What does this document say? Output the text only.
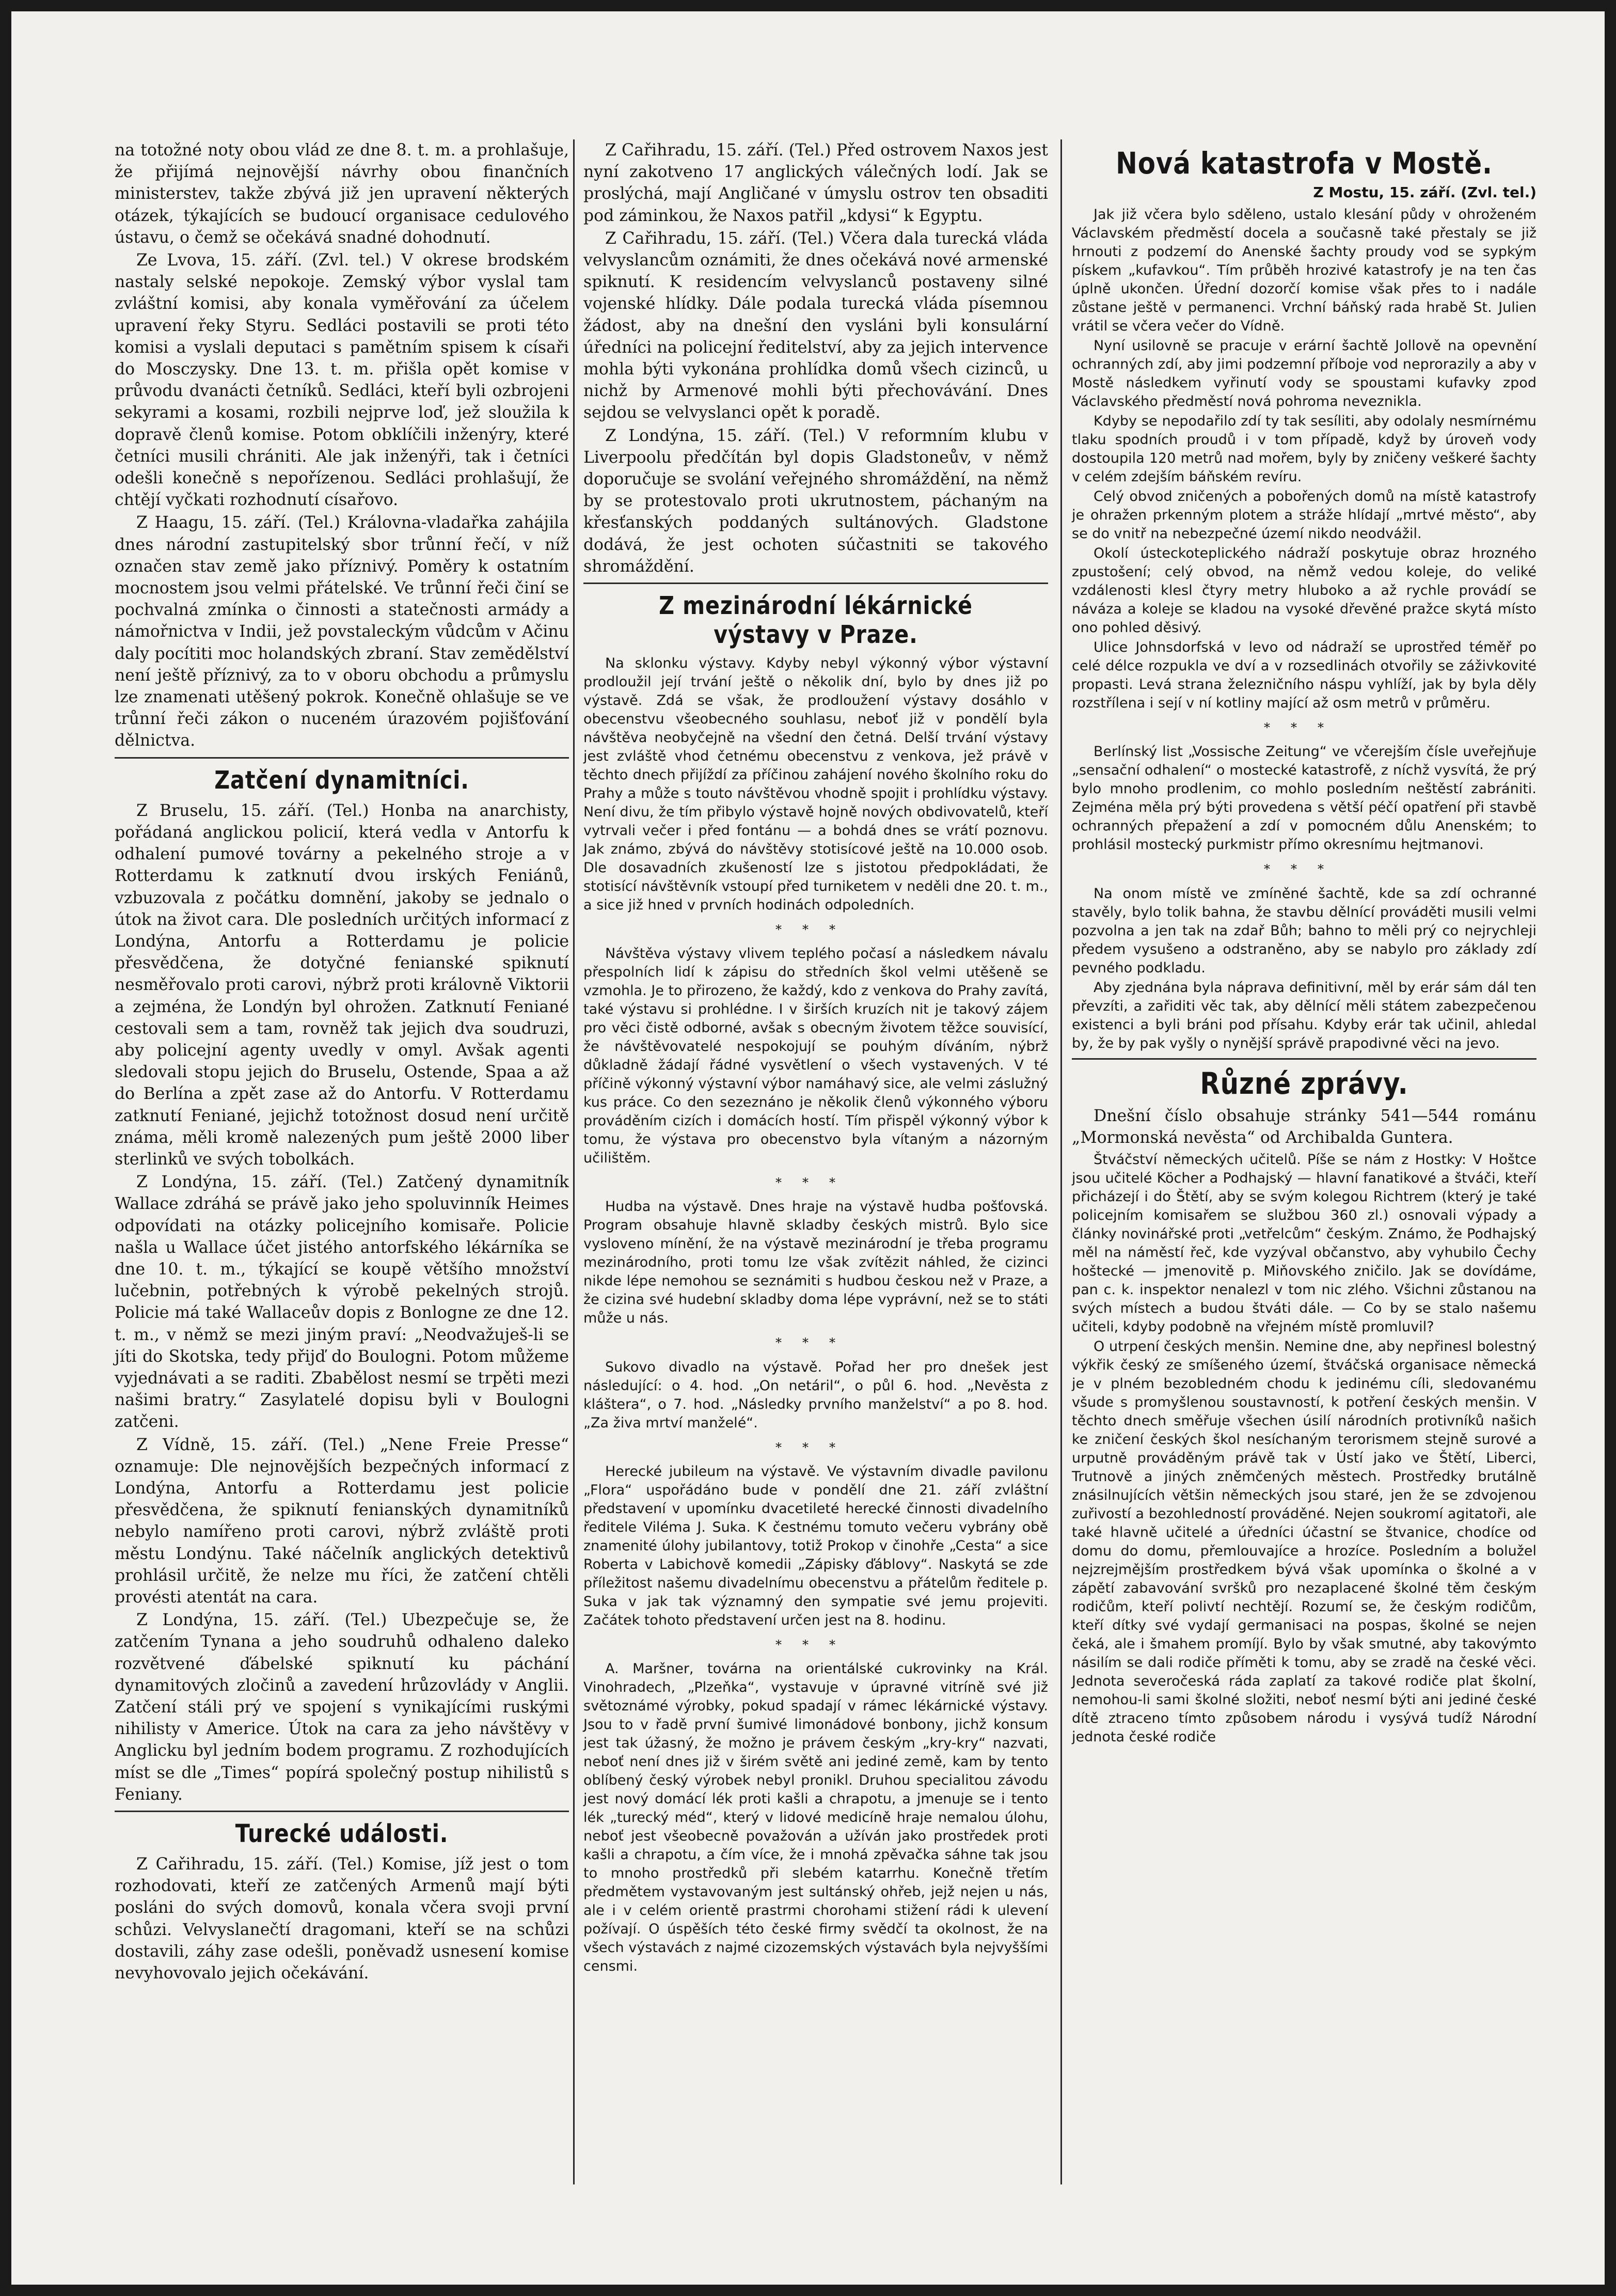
na totožné noty obou vlád ze dne 8. t. m. a prohlašuje, že přijímá nejnovější návrhy obou finančních ministerstev, takže zbývá již jen upravení některých otázek, týkajících se budoucí organisace cedulového ústavu, o čemž se očekává snadné dohodnutí.

Ze Lvova, 15. září. (Zvl. tel.) V okrese brodském nastaly selské nepokoje. Zemský výbor vyslal tam zvláštní komisi, aby konala vyměřování za účelem upravení řeky Styru. Sedláci postavili se proti této komisi a vyslali deputaci s pamětním spisem k císaři do Mosczysky. Dne 13. t. m. přišla opět komise v průvodu dvanácti četníků. Sedláci, kteří byli ozbrojeni sekyrami a kosami, rozbili nejprve loď, jež sloužila k dopravě členů komise. Potom obklíčili inženýry, které četníci musili chrániti. Ale jak inženýři, tak i četníci odešli konečně s nepořízenou. Sedláci prohlašují, že chtějí vyčkati rozhodnutí císařovo.

Z Haagu, 15. září. (Tel.) Královna-vladařka zahájila dnes národní zastupitelský sbor trůnní řečí, v níž označen stav země jako příznivý. Poměry k ostatním mocnostem jsou velmi přátelské. Ve trůnní řeči činí se pochvalná zmínka o činnosti a statečnosti armády a námořnictva v Indii, jež povstaleckým vůdcům v Ačinu daly pocítiti moc holandských zbraní. Stav zemědělství není ještě příznivý, za to v oboru obchodu a průmyslu lze znamenati utěšený pokrok. Konečně ohlašuje se ve trůnní řeči zákon o nuceném úrazovém pojišťování dělnictva.

Zatčení dynamitníci.

Z Bruselu, 15. září. (Tel.) Honba na anarchisty, pořádaná anglickou policií, která vedla v Antorfu k odhalení pumové továrny a pekelného stroje a v Rotterdamu k zatknutí dvou irských Feniánů, vzbuzovala z počátku domnění, jakoby se jednalo o útok na život cara. Dle posledních určitých informací z Londýna, Antorfu a Rotterdamu je policie přesvědčena, že dotyčné fenianské spiknutí nesměřovalo proti carovi, nýbrž proti královně Viktorii a zejména, že Londýn byl ohrožen. Zatknutí Feniané cestovali sem a tam, rovněž tak jejich dva soudruzi, aby policejní agenty uvedly v omyl. Avšak agenti sledovali stopu jejich do Bruselu, Ostende, Spaa a až do Berlína a zpět zase až do Antorfu. V Rotterdamu zatknutí Feniané, jejichž totožnost dosud není určitě známa, měli kromě nalezených pum ještě 2000 liber sterlinků ve svých tobolkách.

Z Londýna, 15. září. (Tel.) Zatčený dynamitník Wallace zdráhá se právě jako jeho spoluvinník Heimes odpovídati na otázky policejního komisaře. Policie našla u Wallace účet jistého antorfského lékárníka se dne 10. t. m., týkající se koupě většího množství lučebnin, potřebných k výrobě pekelných strojů. Policie má také Wallaceův dopis z Bonlogne ze dne 12. t. m., v němž se mezi jiným praví: „Neodvažuješ-li se jíti do Skotska, tedy přijď do Boulogni. Potom můžeme vyjednávati a se raditi. Zbabělost nesmí se trpěti mezi našimi bratry.“ Zasylatelé dopisu byli v Boulogni zatčeni.

Z Vídně, 15. září. (Tel.) „Nene Freie Presse“ oznamuje: Dle nejnovějších bezpečných informací z Londýna, Antorfu a Rotterdamu jest policie přesvědčena, že spiknutí fenianských dynamitníků nebylo namířeno proti carovi, nýbrž zvláště proti městu Londýnu. Také náčelník anglických detektivů prohlásil určitě, že nelze mu říci, že zatčení chtěli provésti atentát na cara.

Z Londýna, 15. září. (Tel.) Ubezpečuje se, že zatčením Tynana a jeho soudruhů odhaleno daleko rozvětvené ďábelské spiknutí ku páchání dynamitových zločinů a zavedení hrůzovlády v Anglii. Zatčení stáli prý ve spojení s vynikajícími ruskými nihilisty v Americe. Útok na cara za jeho návštěvy v Anglicku byl jedním bodem programu. Z rozhodujících míst se dle „Times“ popírá společný postup nihilistů s Feniany.

Turecké události.

Z Cařihradu, 15. září. (Tel.) Komise, jíž jest o tom rozhodovati, kteří ze zatčených Armenů mají býti posláni do svých domovů, konala včera svoji první schůzi. Velvyslanečtí dragomani, kteří se na schůzi dostavili, záhy zase odešli, poněvadž usnesení komise nevyhovovalo jejich očekávání.

Z Cařihradu, 15. září. (Tel.) Před ostrovem Naxos jest nyní zakotveno 17 anglických válečných lodí. Jak se proslýchá, mají Angličané v úmyslu ostrov ten obsaditi pod záminkou, že Naxos patřil „kdysi“ k Egyptu.

Z Cařihradu, 15. září. (Tel.) Včera dala turecká vláda velvyslancům oznámiti, že dnes očekává nové armenské spiknutí. K residencím velvyslanců postaveny silné vojenské hlídky. Dále podala turecká vláda písemnou žádost, aby na dnešní den vysláni byli konsulární úředníci na policejní ředitelství, aby za jejich intervence mohla býti vykonána prohlídka domů všech cizinců, u nichž by Armenové mohli býti přechovávání. Dnes sejdou se velvyslanci opět k poradě.

Z Londýna, 15. září. (Tel.) V reformním klubu v Liverpoolu předčítán byl dopis Gladstoneův, v němž doporučuje se svolání veřejného shromáždění, na němž by se protestovalo proti ukrutnostem, páchaným na křesťanských poddaných sultánových. Gladstone dodává, že jest ochoten súčastniti se takového shromáždění.

Z mezinárodní lékárnické výstavy v Praze.

Na sklonku výstavy. Kdyby nebyl výkonný výbor výstavní prodloužil její trvání ještě o několik dní, bylo by dnes již po výstavě. Zdá se však, že prodloužení výstavy dosáhlo v obecenstvu všeobecného souhlasu, neboť již v pondělí byla návštěva neobyčejně na všední den četná. Delší trvání výstavy jest zvláště vhod četnému obecenstvu z venkova, jež právě v těchto dnech přijíždí za příčinou zahájení nového školního roku do Prahy a může s touto návštěvou vhodně spojit i prohlídku výstavy. Není divu, že tím přibylo výstavě hojně nových obdivovatelů, kteří vytrvali večer i před fontánu — a bohdá dnes se vrátí poznovu. Jak známo, zbývá do návštěvy stotisícové ještě na 10.000 osob. Dle dosavadních zkušeností lze s jistotou předpokládati, že stotisící návštěvník vstoupí před turniketem v neděli dne 20. t. m., a sice již hned v prvních hodinách odpoledních.

***

Návštěva výstavy vlivem teplého počasí a následkem návalu přespolních lidí k zápisu do středních škol velmi utěšeně se vzmohla. Je to přirozeno, že každý, kdo z venkova do Prahy zavítá, také výstavu si prohlédne. I v širších kruzích nit je takový zájem pro věci čistě odborné, avšak s obecným životem těžce souvisící, že návštěvovatelé nespokojují se pouhým díváním, nýbrž důkladně žádají řádné vysvětlení o všech vystavených. V té příčině výkonný výstavní výbor namáhavý sice, ale velmi záslužný kus práce. Co den sezeznáno je několik členů výkonného výboru prováděním cizích i domácích hostí. Tím přispěl výkonný výbor k tomu, že výstava pro obecenstvo byla vítaným a názorným učilištěm.

***

Hudba na výstavě. Dnes hraje na výstavě hudba pošťovská. Program obsahuje hlavně skladby českých mistrů. Bylo sice vysloveno mínění, že na výstavě mezinárodní je třeba programu mezinárodního, proti tomu lze však zvítězit náhled, že cizinci nikde lépe nemohou se seznámiti s hudbou českou než v Praze, a že cizina své hudební skladby doma lépe vyprávní, než se to státi může u nás.

***

Sukovo divadlo na výstavě. Pořad her pro dnešek jest následující: o 4. hod. „On netáril“, o půl 6. hod. „Nevěsta z kláštera“, o 7. hod. „Následky prvního manželství“ a po 8. hod. „Za živa mrtví manželé“.

***

Herecké jubileum na výstavě. Ve výstavním divadle pavilonu „Flora“ uspořádáno bude v pondělí dne 21. září zvláštní představení v upomínku dvacetileté herecké činnosti divadelního ředitele Viléma J. Suka. K čestnému tomuto večeru vybrány obě znamenité úlohy jubilantovy, totiž Prokop v činohře „Cesta“ a sice Roberta v Labichově komedii „Zápisky ďáblovy“. Naskytá se zde příležitost našemu divadelnímu obecenstvu a přátelům ředitele p. Suka v jak tak významný den sympatie své jemu projeviti. Začátek tohoto představení určen jest na 8. hodinu.

***

A. Maršner, továrna na orientálské cukrovinky na Král. Vinohradech, „Plzeňka“, vystavuje v úpravné vitríně své již světoznámé výrobky, pokud spadají v rámec lékárnické výstavy. Jsou to v řadě první šumivé limonádové bonbony, jichž konsum jest tak úžasný, že možno je právem českým „kry-kry“ nazvati, neboť není dnes již v širém světě ani jediné země, kam by tento oblíbený český výrobek nebyl pronikl. Druhou specialitou závodu jest nový domácí lék proti kašli a chrapotu, a jmenuje se i tento lék „turecký méd“, který v lidové medicíně hraje nemalou úlohu, neboť jest všeobecně považován a užíván jako prostředek proti kašli a chrapotu, a čím více, že i mnohá zpěvačka sáhne tak jsou to mnoho prostředků při slebém katarrhu. Konečně třetím předmětem vystavovaným jest sultánský ohřeb, jejž nejen u nás, ale i v celém orientě prastrmi chorohami stižení rádi k ulevení požívají. O úspěších této české firmy svědčí ta okolnost, že na všech výstavách z najmé cizozemských výstavách byla nejvyššími censmi.

Nová katastrofa v Mostě.
Z Mostu, 15. září. (Zvl. tel.)

Jak již včera bylo sděleno, ustalo klesání půdy v ohroženém Václavském předměstí docela a současně také přestaly se již hrnouti z podzemí do Anenské šachty proudy vod se sypkým pískem „kufavkou“. Tím průběh hrozivé katastrofy je na ten čas úplně ukončen. Úřední dozorčí komise však přes to i nadále zůstane ještě v permanenci. Vrchní báňský rada hrabě St. Julien vrátil se včera večer do Vídně.

Nyní usilovně se pracuje v erární šachtě Jollově na opevnění ochranných zdí, aby jimi podzemní příboje vod neprorazily a aby v Mostě následkem vyřinutí vody se spoustami kufavky zpod Václavského předměstí nová pohroma neveznikla.

Kdyby se nepodařilo zdí ty tak sesíliti, aby odolaly nesmírnému tlaku spodních proudů i v tom případě, když by úroveň vody dostoupila 120 metrů nad mořem, byly by zničeny veškeré šachty v celém zdejším báňském revíru.

Celý obvod zničených a pobořených domů na místě katastrofy je ohražen prkenným plotem a stráže hlídají „mrtvé město“, aby se do vnitř na nebezpečné území nikdo neodvážil.

Okolí ústeckoteplického nádraží poskytuje obraz hrozného zpustošení; celý obvod, na němž vedou koleje, do veliké vzdálenosti klesl čtyry metry hluboko a až rychle provádí se náváza a koleje se kladou na vysoké dřevěné pražce skytá místo ono pohled děsivý.

Ulice Johnsdorfská v levo od nádraží se uprostřed téměř po celé délce rozpukla ve dví a v rozsedlinách otvořily se záživkovité propasti. Levá strana železničního náspu vyhlíží, jak by byla děly rozstřílena i sejí v ní kotliny mající až osm metrů v průměru.

***

Berlínský list „Vossische Zeitung“ ve včerejším čísle uveřejňuje „sensační odhalení“ o mostecké katastrofě, z níchž vysvítá, že prý bylo mnoho prodlenim, co mohlo posledním neštěstí zabrániti. Zejména měla prý býti provedena s větší péčí opatření při stavbě ochranných přepažení a zdí v pomocném důlu Anenském; to prohlásil mostecký purkmistr přímo okresnímu hejtmanovi.

***

Na onom místě ve zmíněné šachtě, kde sa zdí ochranné stavěly, bylo tolik bahna, že stavbu dělnící prováděti musili velmi pozvolna a jen tak na zdař Bůh; bahno to měli prý co nejrychleji předem vysušeno a odstraněno, aby se nabylo pro základy zdí pevného podkladu.

Aby zjednána byla náprava definitivní, měl by erár sám dál ten převzíti, a zařiditi věc tak, aby dělnící měli státem zabezpečenou existenci a byli bráni pod přísahu. Kdyby erár tak učinil, ahledal by, že by pak vyšly o nynější správě prapodivné věci na jevo.

Různé zprávy.

Dnešní číslo obsahuje stránky 541—544 románu „Mormonská nevěsta“ od Archibalda Guntera.

Štváčství německých učitelů. Píše se nám z Hostky: V Hoštce jsou učitelé Köcher a Podhajský — hlavní fanatikové a štváči, kteří přicházejí i do Štětí, aby se svým kolegou Richtrem (který je také policejním komisařem se službou 360 zl.) osnovali výpady a články novinářské proti „vetřelcům“ českým. Známo, že Podhajský měl na náměstí řeč, kde vyzýval občanstvo, aby vyhubilo Čechy hoštecké — jmenovitě p. Miňovského zničilo. Jak se dovídáme, pan c. k. inspektor nenalezl v tom nic zlého. Všichni zůstanou na svých místech a budou štváti dále. — Co by se stalo našemu učiteli, kdyby podobně na vřejném místě promluvil?

O utrpení českých menšin. Nemine dne, aby nepřinesl bolestný výkřik český ze smíšeného území, štváčská organisace německá je v plném bezobledném chodu k jedinému cíli, sledovanému všude s promyšlenou soustavností, k potření českých menšin. V těchto dnech směřuje všechen úsilí národních protivníků našich ke zničení českých škol nesíchaným terorismem stejně surové a urputně prováděným právě tak v Ústí jako ve Štětí, Liberci, Trutnově a jiných zněmčených městech. Prostředky brutálně znásilnujících většin německých jsou staré, jen že se zdvojenou zuřivostí a bezohledností prováděné. Nejen soukromí agitatoři, ale také hlavně učitelé a úředníci účastní se štvanice, chodíce od domu do domu, přemlouvajíce a hrozíce. Posledním a bolužel nejzrejmějším prostředkem bývá však upomínka o školné a v zápětí zabavování svršků pro nezaplacené školné těm českým rodičům, kteří polivtí nechtějí. Rozumí se, že českým rodičům, kteří dítky své vydají germanisaci na pospas, školné se nejen čeká, ale i šmahem promíjí. Bylo by však smutné, aby takovýmto násilím se dali rodiče příměti k tomu, aby se zradě na české věci. Jednota severočeská ráda zaplatí za takové rodiče plat školní, nemohou-li sami školné složiti, neboť nesmí býti ani jediné české dítě ztraceno tímto způsobem národu i vysývá tudíž Národní jednota české rodiče
